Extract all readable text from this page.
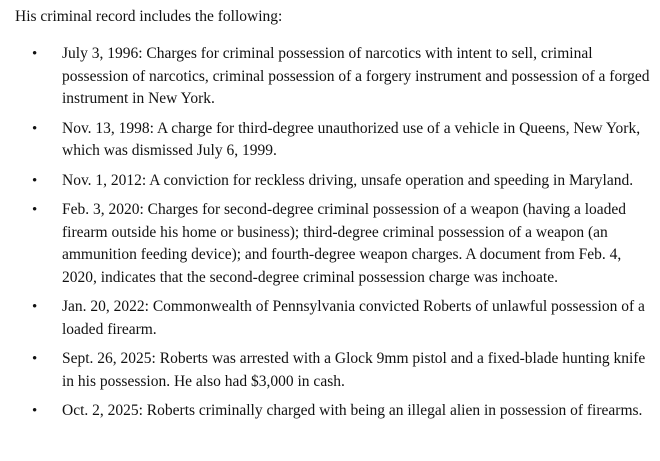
His criminal record includes the following:

• July 3, 1996: Charges for criminal possession of narcotics with intent to sell, criminal possession of narcotics, criminal possession of a forgery instrument and possession of a forged instrument in New York.
• Nov. 13, 1998: A charge for third-degree unauthorized use of a vehicle in Queens, New York, which was dismissed July 6, 1999.
• Nov. 1, 2012: A conviction for reckless driving, unsafe operation and speeding in Maryland.
• Feb. 3, 2020: Charges for second-degree criminal possession of a weapon (having a loaded firearm outside his home or business); third-degree criminal possession of a weapon (an ammunition feeding device); and fourth-degree weapon charges. A document from Feb. 4, 2020, indicates that the second-degree criminal possession charge was inchoate.
• Jan. 20, 2022: Commonwealth of Pennsylvania convicted Roberts of unlawful possession of a loaded firearm.
• Sept. 26, 2025: Roberts was arrested with a Glock 9mm pistol and a fixed-blade hunting knife in his possession. He also had $3,000 in cash.
• Oct. 2, 2025: Roberts criminally charged with being an illegal alien in possession of firearms.
